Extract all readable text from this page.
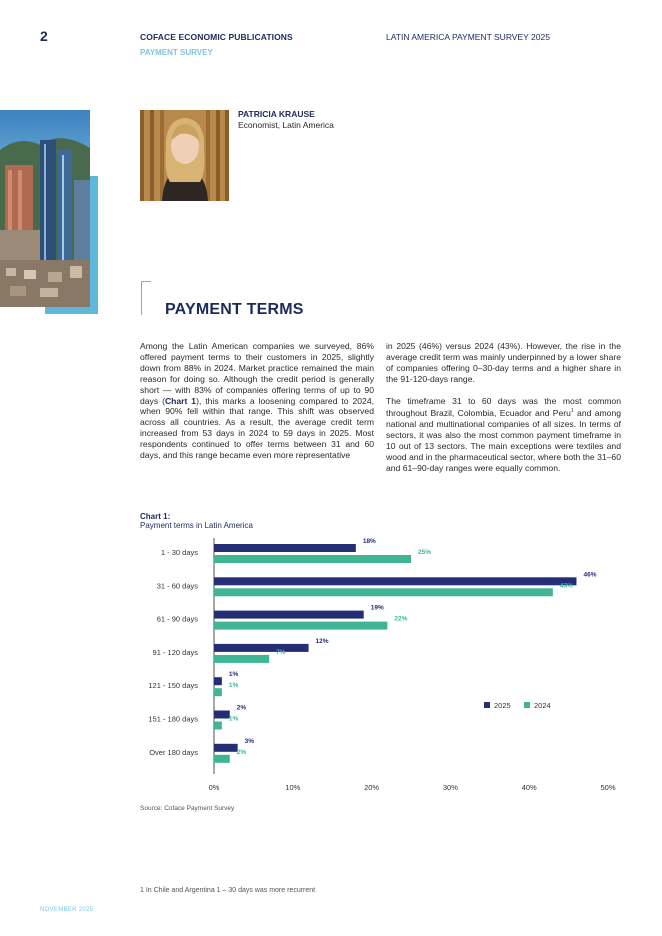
2	COFACE ECONOMIC PUBLICATIONS
PAYMENT SURVEY
LATIN AMERICA PAYMENT SURVEY 2025
PATRICIA KRAUSE
Economist, Latin America
PAYMENT TERMS

Among the Latin American companies we surveyed, 86% offered payment terms to their customers in 2025, slightly down from 88% in 2024. Market practice remained the main reason for doing so. Although the credit period is generally short — with 83% of companies offering terms of up to 90 days (Chart 1), this marks a loosening compared to 2024, when 90% fell within that range. This shift was observed across all countries. As a result, the average credit term increased from 53 days in 2024 to 59 days in 2025. Most respondents continued to offer terms between 31 and 60 days, and this range became even more representative

in 2025 (46%) versus 2024 (43%). However, the rise in the average credit term was mainly underpinned by a lower share of companies offering 0–30-day terms and a higher share in the 91-120-days range.

The timeframe 31 to 60 days was the most common throughout Brazil, Colombia, Ecuador and Peru$^1$ and among national and multinational companies of all sizes. In terms of sectors, it was also the most common payment timeframe in 10 out of 13 sectors. The main exceptions were textiles and wood and in the pharmaceutical sector, where both the 31–60 and 61–90-day ranges were equally common.

Chart 1:
Payment terms in Latin America
0%	10%	20%	30%	40%	50%
1 - 30 days
18%
25%
31 - 60 days
46%
43%
61 - 90 days
19%
22%
91 - 120 days
12%
7%
121 - 150 days
1%
1%
151 - 180 days
2%
1%
Over 180 days
3%
2%
2025	2024
Source: Coface Payment Survey
1 In Chile and Argentina 1 – 30 days was more recurrent
NOVEMBER 2025
